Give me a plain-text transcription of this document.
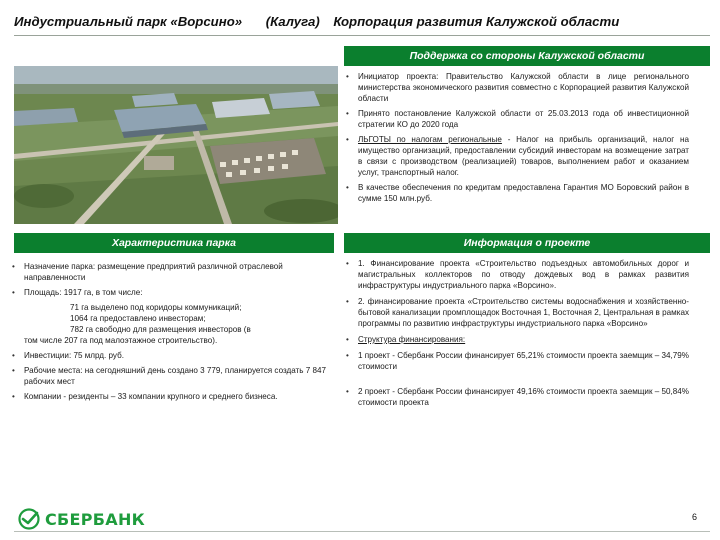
Индустриальный парк «Ворсино» (Калуга) Корпорация развития Калужской области
Поддержка со стороны Калужской области
• Инициатор проекта: Правительство Калужской области в лице регионального министерства экономического развития совместно с Корпорацией развития Калужской области
• Принято постановление Калужской области от 25.03.2013 года об инвестиционной стратегии КО до 2020 года
• ЛЬГОТЫ по налогам региональные - Налог на прибыль организаций, налог на имущество организаций, предоставлении субсидий инвесторам на возмещение затрат в связи с производством (реализацией) товаров, выполнением работ и оказанием услуг, транспортный налог.
• В качестве обеспечения по кредитам предоставлена Гарантия МО Боровский район в сумме 150 млн.руб.
Характеристика парка	Информация о проекте
• Назначение парка: размещение предприятий различной отраслевой направленности
• Площадь: 1917 га, в том числе:
71 га выделено под коридоры коммуникаций;
1064 га предоставлено инвесторам;
782 га свободно для размещения инвесторов (в
том числе 207 га под малоэтажное строительство).
• Инвестиции: 75 млрд. руб.
• Рабочие места: на сегодняшний день создано 3 779, планируется создать 7 847 рабочих мест
• Компании - резиденты – 33 компании крупного и среднего бизнеса.
• 1. Финансирование проекта «Строительство подъездных автомобильных дорог и магистральных коллекторов по отводу дождевых вод в рамках развития инфраструктуры индустриального парка «Ворсино».
• 2. финансирование проекта «Строительство системы водоснабжения и хозяйственно-бытовой канализации промплощадок Восточная 1, Восточная 2, Центральная в рамках программы по развитию инфраструктуры индустриального парка «Ворсино»
• Структура финансирования:
• 1 проект - Сбербанк России финансирует 65,21% стоимости проекта заемщик – 34,79% стоимости
• 2 проект - Сбербанк России финансирует 49,16% стоимости проекта заемщик – 50,84% стоимости проекта
СБЕРБАНК	6
